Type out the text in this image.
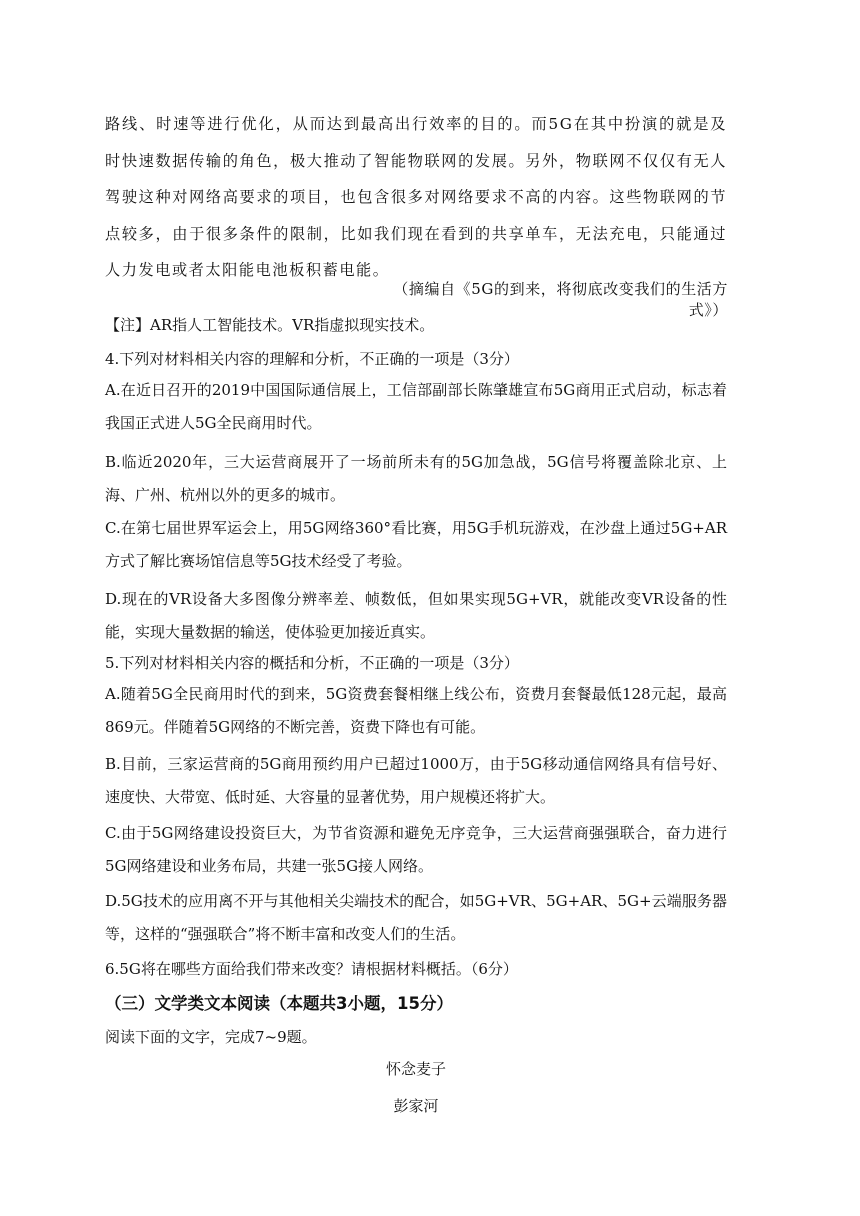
路线、时速等进行优化，从而达到最高出行效率的目的。而5G在其中扮演的就是及时快速数据传输的角色，极大推动了智能物联网的发展。另外，物联网不仅仅有无人驾驶这种对网络高要求的项目，也包含很多对网络要求不高的内容。这些物联网的节点较多，由于很多条件的限制，比如我们现在看到的共享单车，无法充电，只能通过人力发电或者太阳能电池板积蓄电能。

（摘编自《5G的到来，将彻底改变我们的生活方式》）

【注】AR指人工智能技术。VR指虚拟现实技术。

4.下列对材料相关内容的理解和分析，不正确的一项是（3分）

A.在近日召开的2019中国国际通信展上，工信部副部长陈肇雄宣布5G商用正式启动，标志着我国正式进人5G全民商用时代。

B.临近2020年，三大运营商展开了一场前所未有的5G加急战，5G信号将覆盖除北京、上海、广州、杭州以外的更多的城市。

C.在第七届世界军运会上，用5G网络360°看比赛，用5G手机玩游戏，在沙盘上通过5G+AR方式了解比赛场馆信息等5G技术经受了考验。

D.现在的VR设备大多图像分辨率差、帧数低，但如果实现5G+VR，就能改变VR设备的性能，实现大量数据的输送，使体验更加接近真实。

5.下列对材料相关内容的概括和分析，不正确的一项是（3分）

A.随着5G全民商用时代的到来，5G资费套餐相继上线公布，资费月套餐最低128元起，最高869元。伴随着5G网络的不断完善，资费下降也有可能。

B.目前，三家运营商的5G商用预约用户已超过1000万，由于5G移动通信网络具有信号好、速度快、大带宽、低时延、大容量的显著优势，用户规模还将扩大。

C.由于5G网络建设投资巨大，为节省资源和避免无序竞争，三大运营商强强联合，奋力进行5G网络建设和业务布局，共建一张5G接人网络。

D.5G技术的应用离不开与其他相关尖端技术的配合，如5G+VR、5G+AR、5G+云端服务器等，这样的“强强联合”将不断丰富和改变人们的生活。

6.5G将在哪些方面给我们带来改变？请根据材料概括。（6分）

（三）文学类文本阅读（本题共3小题，15分）

阅读下面的文字，完成7~9题。

怀念麦子

彭家河
